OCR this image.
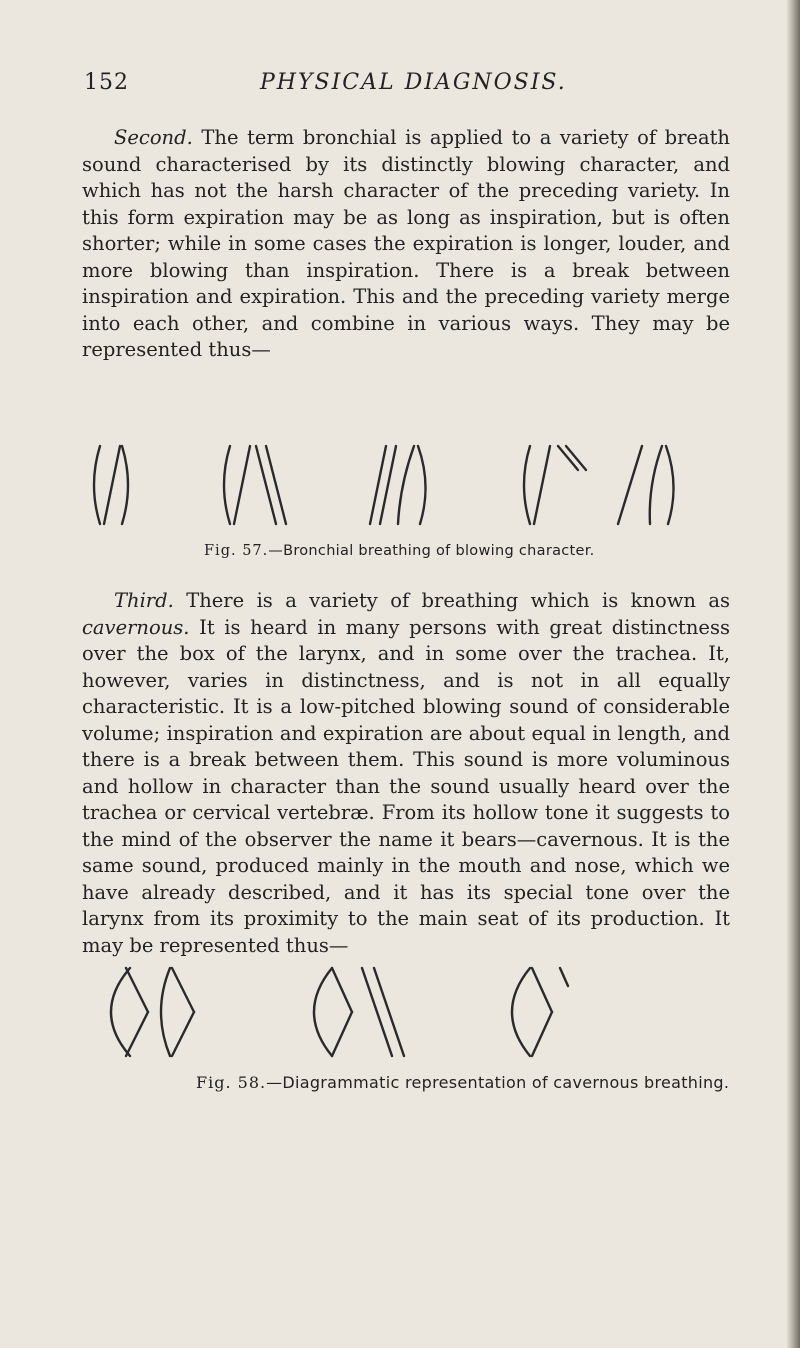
152	PHYSICAL DIAGNOSIS.

Second. The term bronchial is applied to a variety of breath sound characterised by its distinctly blowing character, and which has not the harsh character of the preceding variety. In this form expiration may be as long as inspiration, but is often shorter; while in some cases the expiration is longer, louder, and more blowing than inspiration. There is a break between inspiration and expiration. This and the preceding variety merge into each other, and combine in various ways. They may be represented thus—

Fig. 57.—Bronchial breathing of blowing character.

Third. There is a variety of breathing which is known as cavernous. It is heard in many persons with great distinctness over the box of the larynx, and in some over the trachea. It, however, varies in distinctness, and is not in all equally characteristic. It is a low-pitched blowing sound of considerable volume; inspiration and expiration are about equal in length, and there is a break between them. This sound is more voluminous and hollow in character than the sound usually heard over the trachea or cervical vertebræ. From its hollow tone it suggests to the mind of the observer the name it bears—cavernous. It is the same sound, produced mainly in the mouth and nose, which we have already described, and it has its special tone over the larynx from its proximity to the main seat of its production. It may be represented thus—

Fig. 58.—Diagrammatic representation of cavernous breathing.
